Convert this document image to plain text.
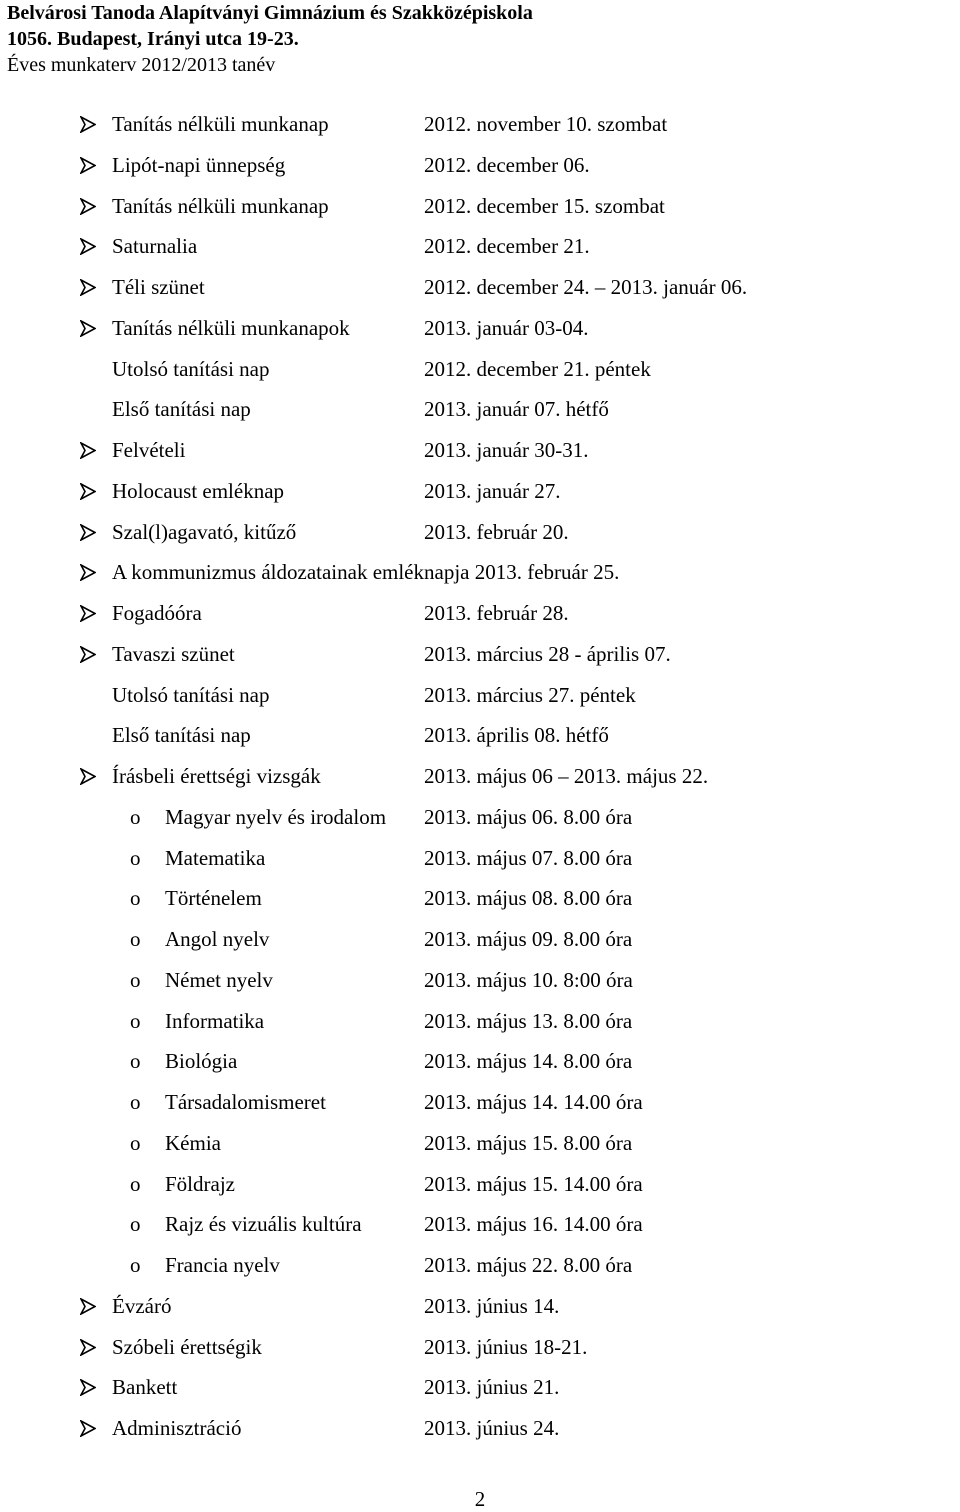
Belvárosi Tanoda Alapítványi Gimnázium és Szakközépiskola
1056. Budapest, Irányi utca 19-23.
Éves munkaterv 2012/2013 tanév
Tanítás nélküli munkanap	2012. november 10. szombat
Lipót-napi ünnepség	2012. december 06.
Tanítás nélküli munkanap	2012. december 15. szombat
Saturnalia	2012. december 21.
Téli szünet	2012. december 24. – 2013. január 06.
Tanítás nélküli munkanapok	2013. január 03-04.
Utolsó tanítási nap	2012. december 21. péntek
Első tanítási nap	2013. január 07. hétfő
Felvételi	2013. január 30-31.
Holocaust emléknap	2013. január 27.
Szal(l)agavató, kitűző	2013. február 20.
A kommunizmus áldozatainak emléknapja 2013. február 25.
Fogadóóra	2013. február 28.
Tavaszi szünet	2013. március 28 - április 07.
Utolsó tanítási nap	2013. március 27. péntek
Első tanítási nap	2013. április 08. hétfő
Írásbeli érettségi vizsgák	2013. május 06 – 2013. május 22.
o	Magyar nyelv és irodalom 2013. május 06. 8.00 óra
o	Matematika	2013. május 07. 8.00 óra
o	Történelem	2013. május 08. 8.00 óra
o	Angol nyelv	2013. május 09. 8.00 óra
o	Német nyelv	2013. május 10. 8:00 óra
o	Informatika	2013. május 13. 8.00 óra
o	Biológia	2013. május 14. 8.00 óra
o	Társadalomismeret	2013. május 14. 14.00 óra
o	Kémia	2013. május 15. 8.00 óra
o	Földrajz	2013. május 15. 14.00 óra
o	Rajz és vizuális kultúra	2013. május 16. 14.00 óra
o	Francia nyelv	2013. május 22. 8.00 óra
Évzáró	2013. június 14.
Szóbeli érettségik	2013. június 18-21.
Bankett	2013. június 21.
Adminisztráció	2013. június 24.
2
